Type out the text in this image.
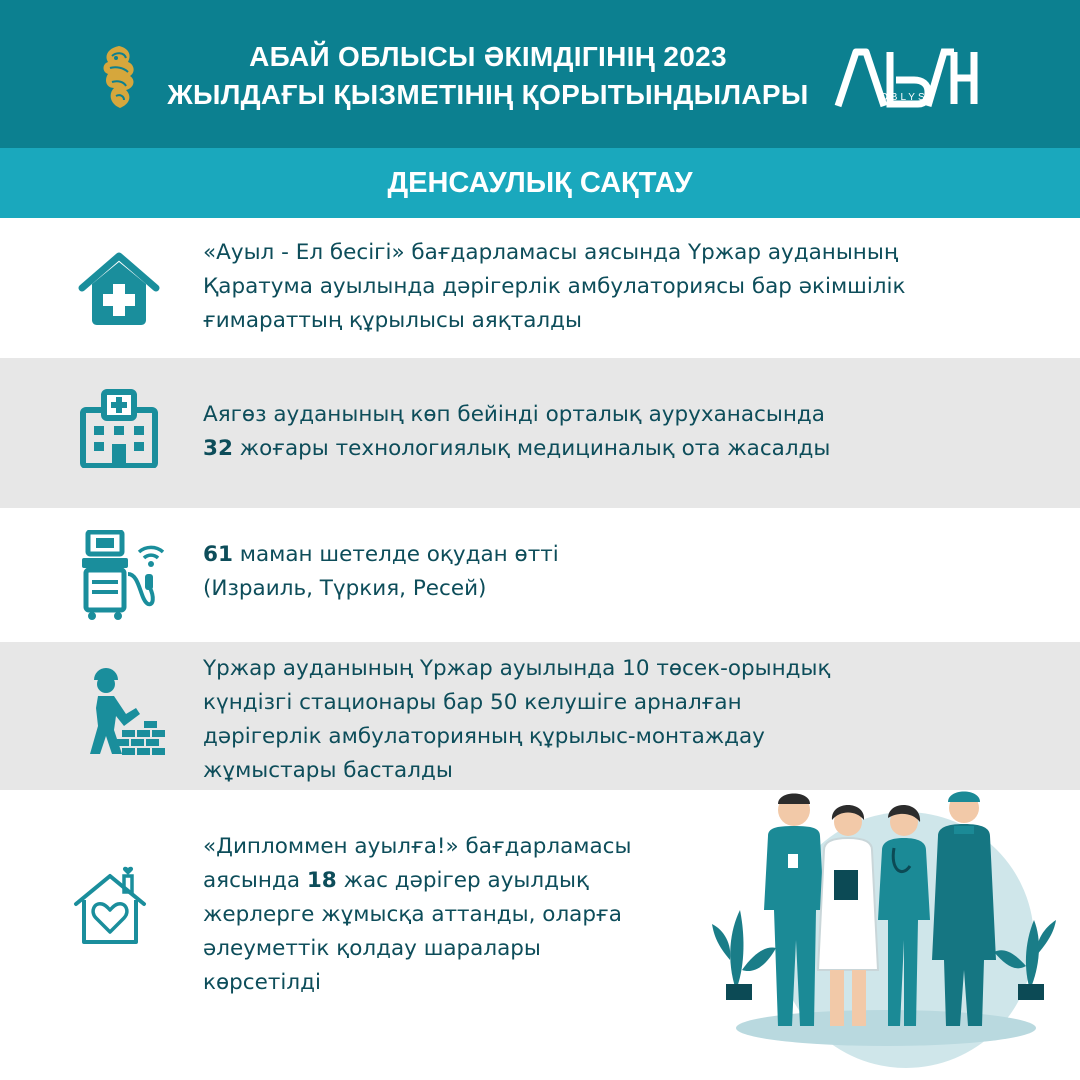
АБАЙ ОБЛЫСЫ ӘКІМДІГІНІҢ 2023
ЖЫЛДАҒЫ ҚЫЗМЕТІНІҢ ҚОРЫТЫНДЫЛАРЫ	OBLYSY
ДЕНСАУЛЫҚ САҚТАУ
«Ауыл - Ел бесігі» бағдарламасы аясында Үржар ауданының
Қаратума ауылында дәрігерлік амбулаториясы бар әкімшілік
ғимараттың құрылысы аяқталды
Аягөз ауданының көп бейінді орталық ауруханасында
32 жоғары технологиялық медициналық ота жасалды
61 маман шетелде оқудан өтті
(Израиль, Түркия, Ресей)
Үржар ауданының Үржар ауылында 10 төсек-орындық
күндізгі стационары бар 50 келушіге арналған
дәрігерлік амбулаторияның құрылыс-монтаждау
жұмыстары басталды
«Дипломмен ауылға!» бағдарламасы
аясында 18 жас дәрігер ауылдық
жерлерге жұмысқа аттанды, оларға
әлеуметтік қолдау шаралары
көрсетілді
